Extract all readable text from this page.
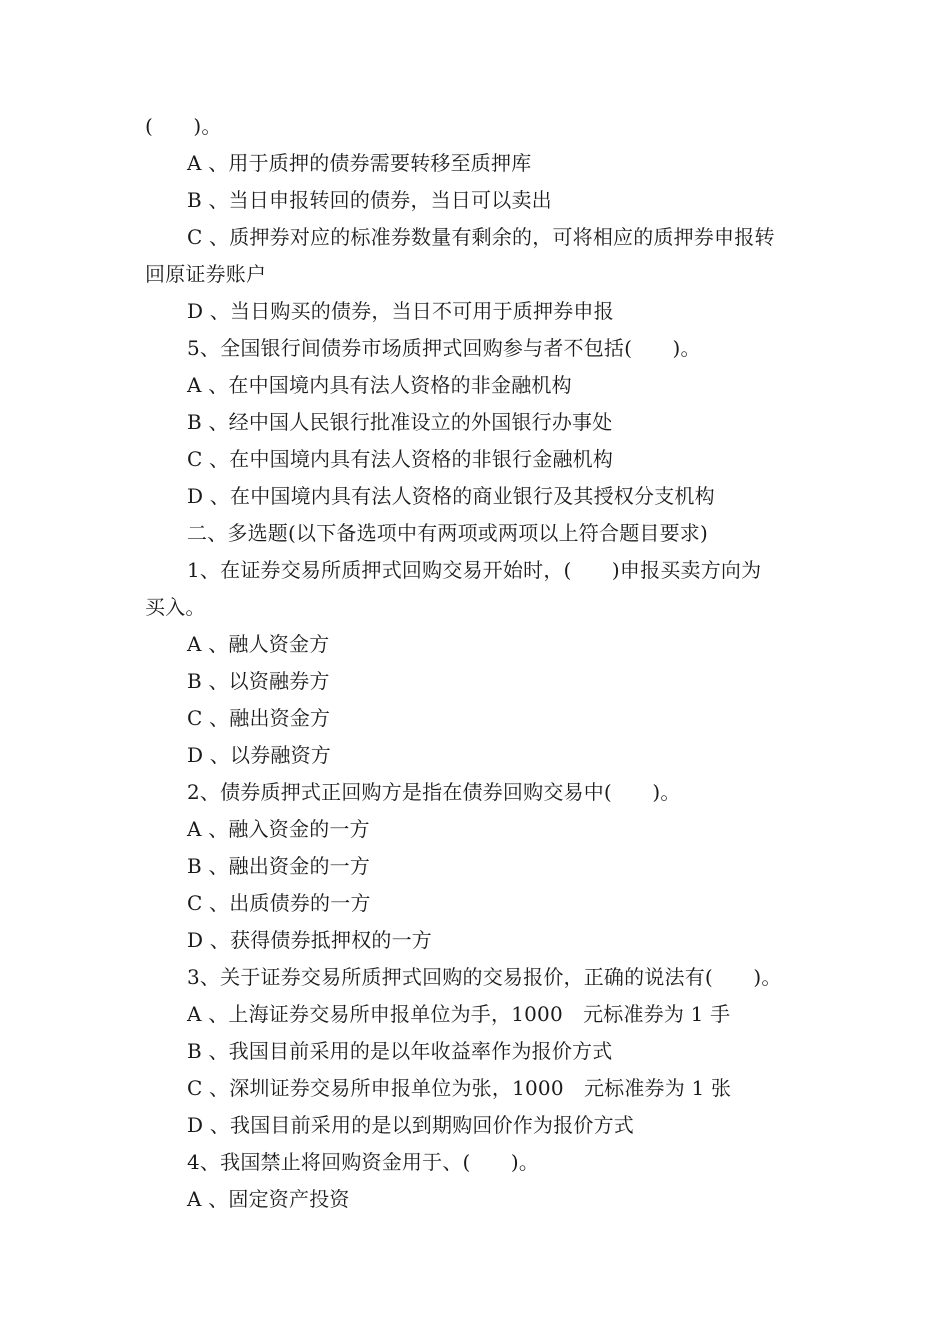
(　　)。
A 、用于质押的债券需要转移至质押库
B 、当日申报转回的债券，当日可以卖出
C 、质押券对应的标准券数量有剩余的，可将相应的质押券申报转
回原证券账户
D 、当日购买的债券，当日不可用于质押券申报
5、全国银行间债券市场质押式回购参与者不包括(　　)。
A 、在中国境内具有法人资格的非金融机构
B 、经中国人民银行批准设立的外国银行办事处
C 、在中国境内具有法人资格的非银行金融机构
D 、在中国境内具有法人资格的商业银行及其授权分支机构
二、多选题(以下备选项中有两项或两项以上符合题目要求)
1、在证券交易所质押式回购交易开始时，(　　)申报买卖方向为
买入。
A 、融人资金方
B 、以资融券方
C 、融出资金方
D 、以券融资方
2、债券质押式正回购方是指在债券回购交易中(　　)。
A 、融入资金的一方
B 、融出资金的一方
C 、出质债券的一方
D 、获得债券抵押权的一方
3、关于证券交易所质押式回购的交易报价，正确的说法有(　　)。
A 、上海证券交易所申报单位为手，1000　元标准券为 1 手
B 、我国目前采用的是以年收益率作为报价方式
C 、深圳证券交易所申报单位为张，1000　元标准券为 1 张
D 、我国目前采用的是以到期购回价作为报价方式
4、我国禁止将回购资金用于、(　　)。
A 、固定资产投资
